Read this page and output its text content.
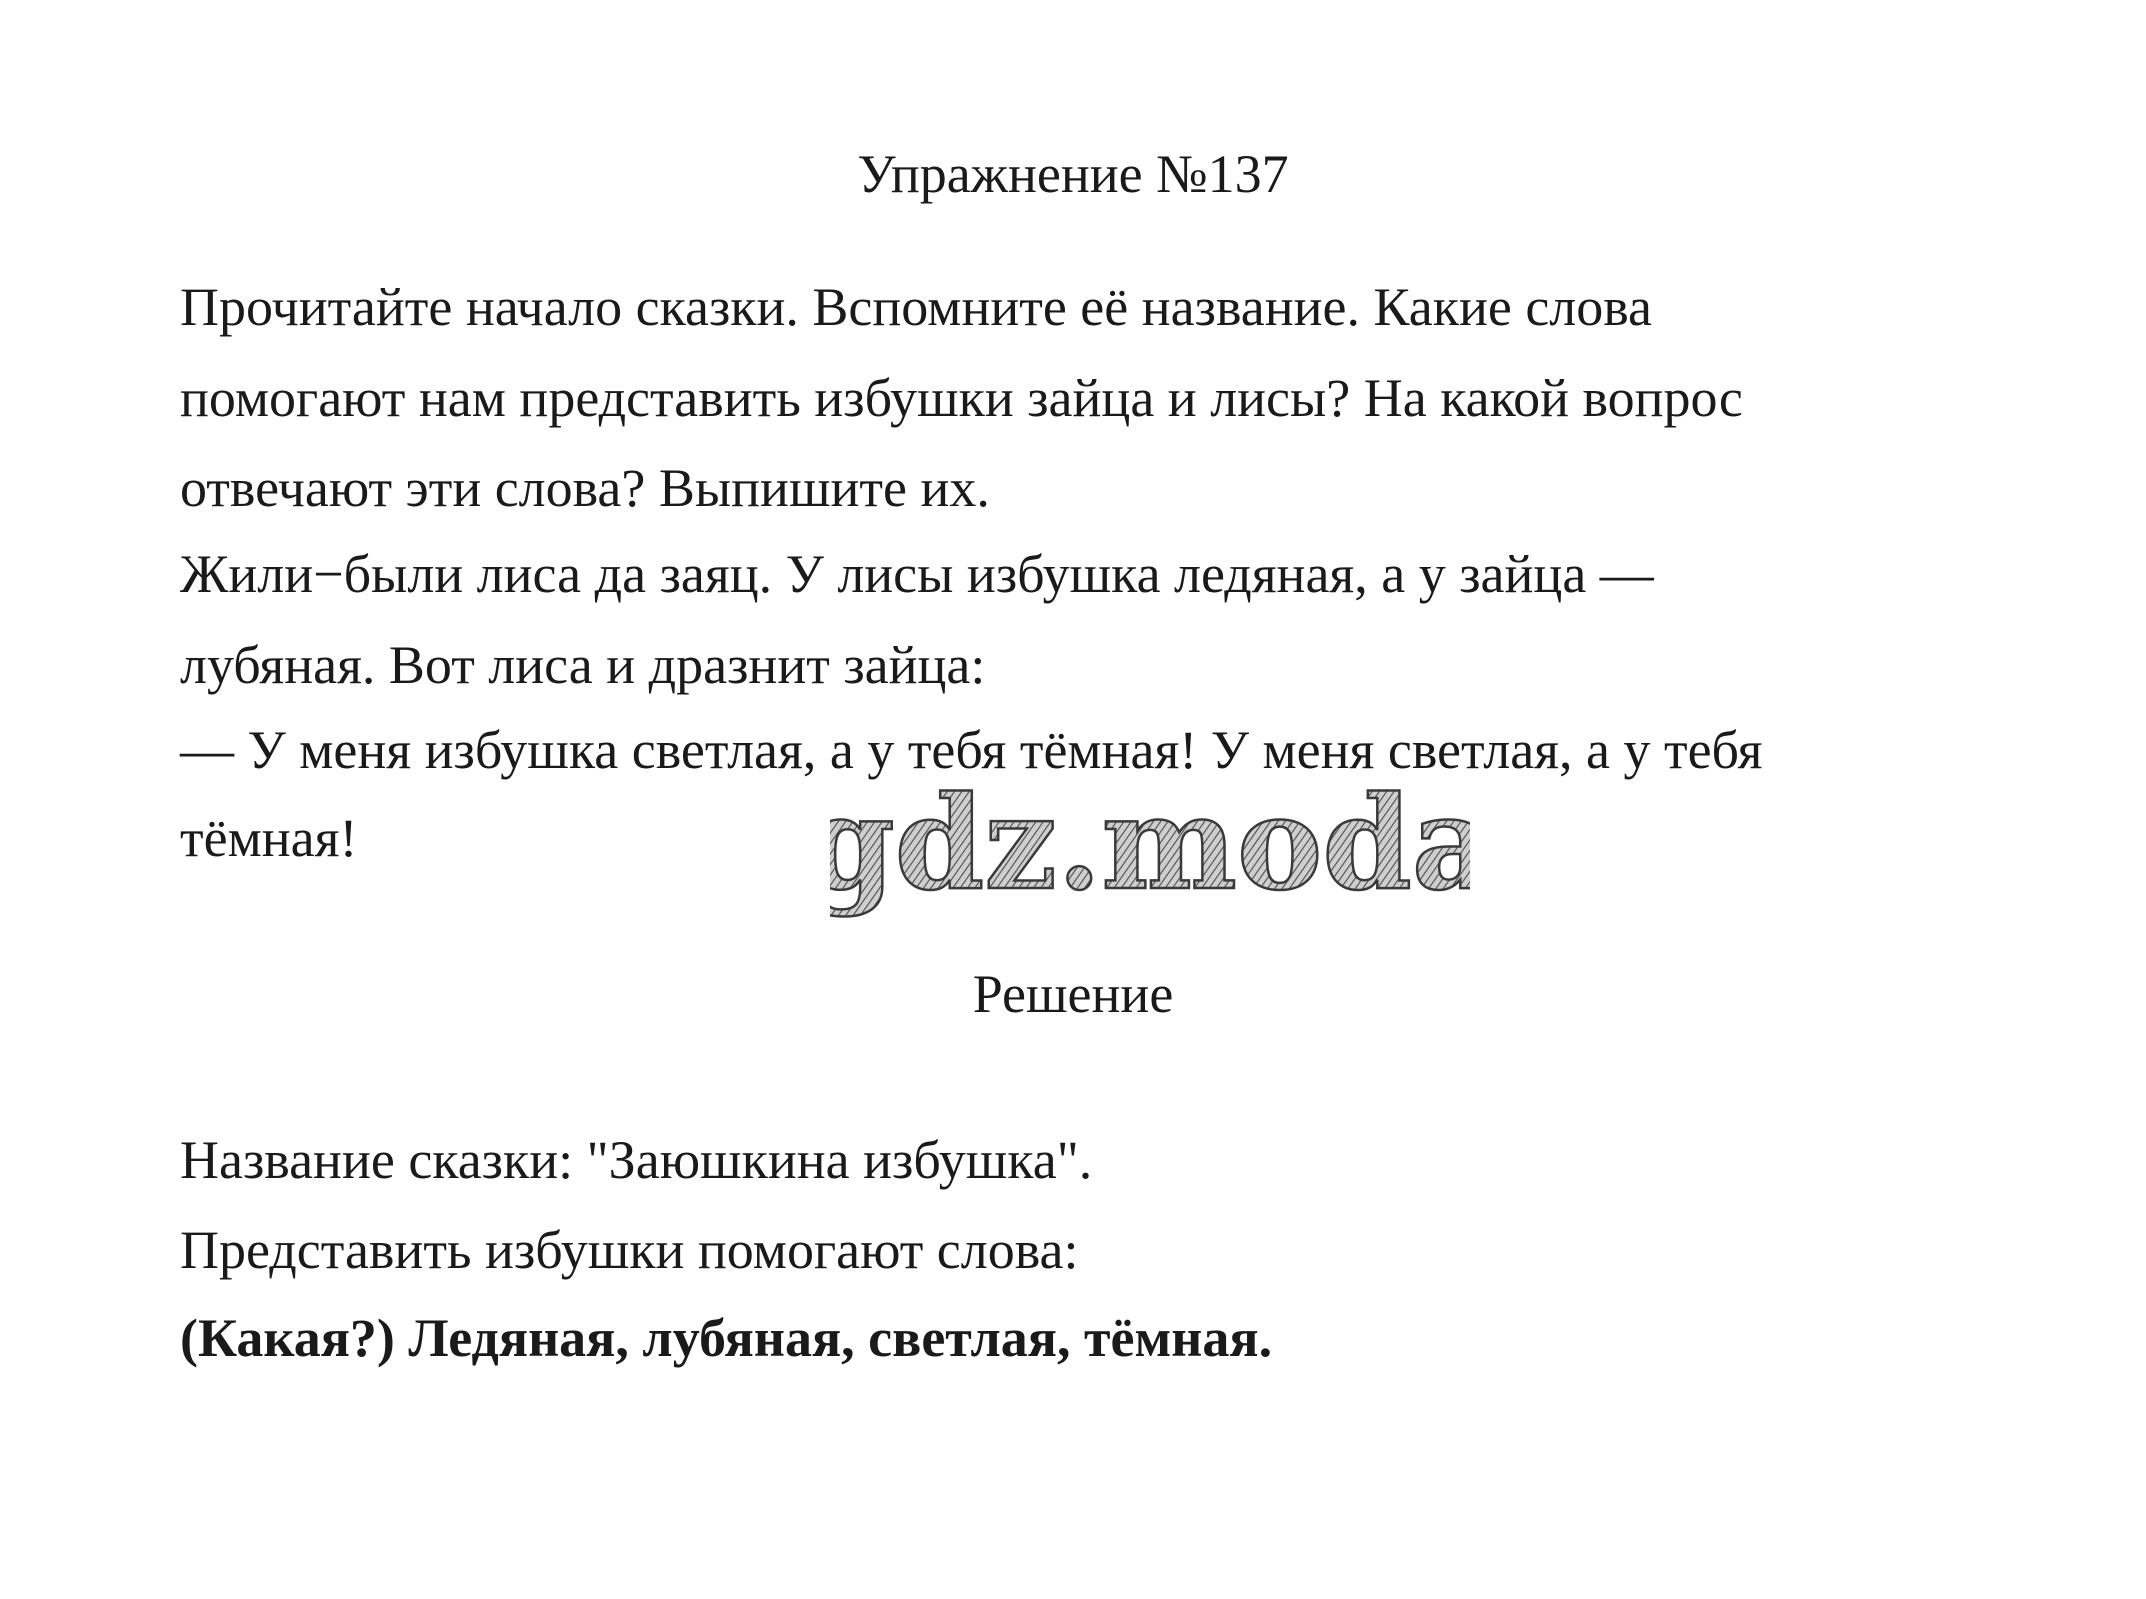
Упражнение №137
Прочитайте начало сказки. Вспомните её название. Какие слова
помогают нам представить избушки зайца и лисы? На какой вопрос
отвечают эти слова? Выпишите их.
Жили−были лиса да заяц. У лисы избушка ледяная, а у зайца —
лубяная. Вот лиса и дразнит зайца:
— У меня избушка светлая, а у тебя тёмная! У меня светлая, а у тебя
тёмная!	gdz.moda
Решение
Название сказки: "Заюшкина избушка".
Представить избушки помогают слова:
(Какая?) Ледяная, лубяная, светлая, тёмная.
